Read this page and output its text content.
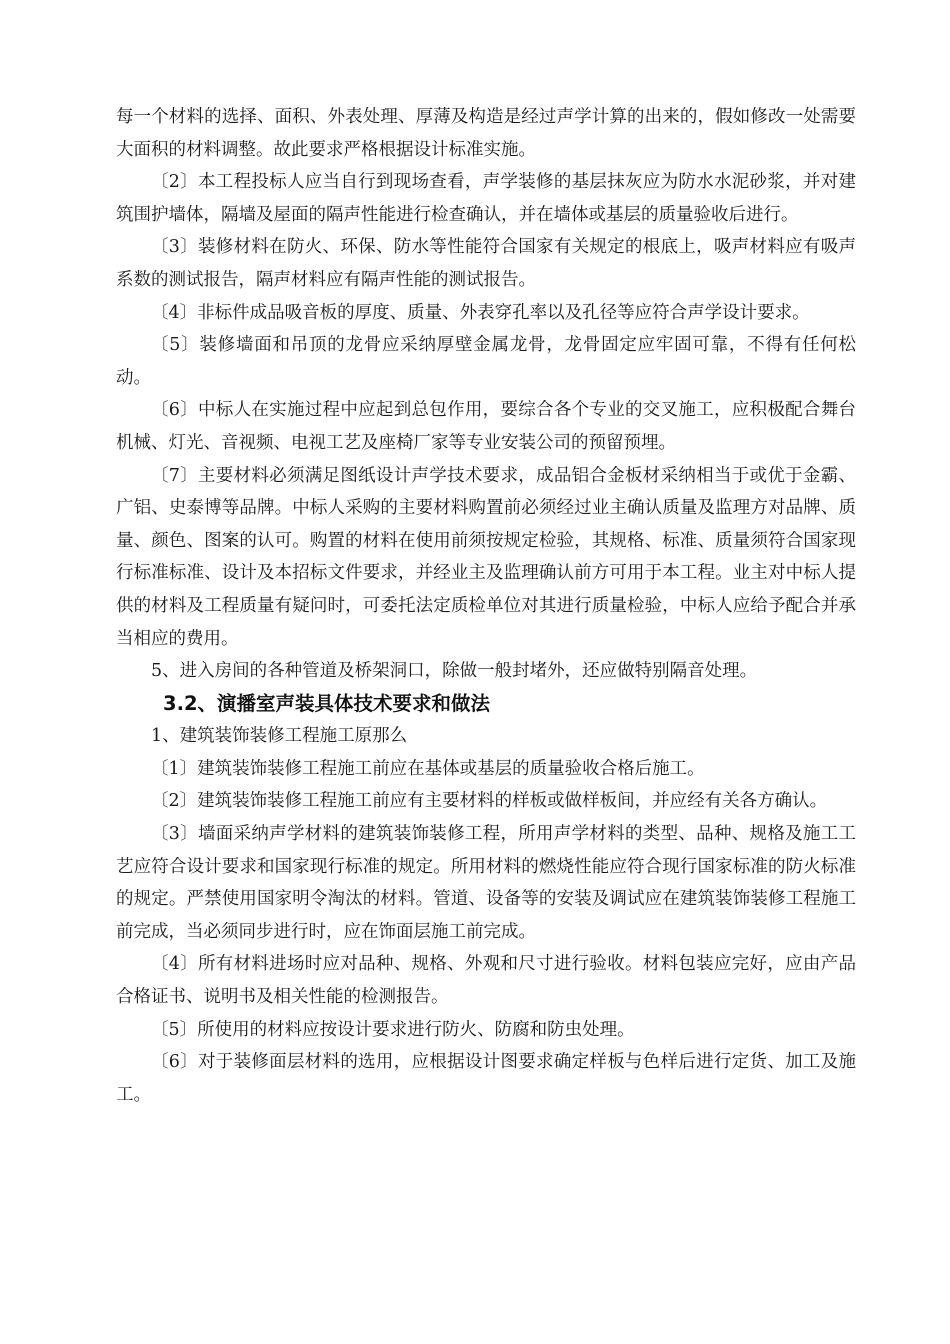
每一个材料的选择、面积、外表处理、厚薄及构造是经过声学计算的出来的，假如修改一处需要大面积的材料调整。故此要求严格根据设计标准实施。

〔2〕本工程投标人应当自行到现场查看，声学装修的基层抹灰应为防水水泥砂浆，并对建筑围护墙体，隔墙及屋面的隔声性能进行检查确认，并在墙体或基层的质量验收后进行。

〔3〕装修材料在防火、环保、防水等性能符合国家有关规定的根底上，吸声材料应有吸声系数的测试报告，隔声材料应有隔声性能的测试报告。

〔4〕非标件成品吸音板的厚度、质量、外表穿孔率以及孔径等应符合声学设计要求。

〔5〕装修墙面和吊顶的龙骨应采纳厚壁金属龙骨，龙骨固定应牢固可靠，不得有任何松动。

〔6〕中标人在实施过程中应起到总包作用，要综合各个专业的交叉施工，应积极配合舞台机械、灯光、音视频、电视工艺及座椅厂家等专业安装公司的预留预埋。

〔7〕主要材料必须满足图纸设计声学技术要求，成品铝合金板材采纳相当于或优于金霸、广铝、史泰博等品牌。中标人采购的主要材料购置前必须经过业主确认质量及监理方对品牌、质量、颜色、图案的认可。购置的材料在使用前须按规定检验，其规格、标准、质量须符合国家现行标准标准、设计及本招标文件要求，并经业主及监理确认前方可用于本工程。业主对中标人提供的材料及工程质量有疑问时，可委托法定质检单位对其进行质量检验，中标人应给予配合并承当相应的费用。

5、进入房间的各种管道及桥架洞口，除做一般封堵外，还应做特别隔音处理。

3.2、演播室声装具体技术要求和做法

1、建筑装饰装修工程施工原那么

〔1〕建筑装饰装修工程施工前应在基体或基层的质量验收合格后施工。

〔2〕建筑装饰装修工程施工前应有主要材料的样板或做样板间，并应经有关各方确认。

〔3〕墙面采纳声学材料的建筑装饰装修工程，所用声学材料的类型、品种、规格及施工工艺应符合设计要求和国家现行标准的规定。所用材料的燃烧性能应符合现行国家标准的防火标准的规定。严禁使用国家明令淘汰的材料。管道、设备等的安装及调试应在建筑装饰装修工程施工前完成，当必须同步进行时，应在饰面层施工前完成。

〔4〕所有材料进场时应对品种、规格、外观和尺寸进行验收。材料包装应完好，应由产品合格证书、说明书及相关性能的检测报告。

〔5〕所使用的材料应按设计要求进行防火、防腐和防虫处理。

〔6〕对于装修面层材料的选用，应根据设计图要求确定样板与色样后进行定货、加工及施工。
